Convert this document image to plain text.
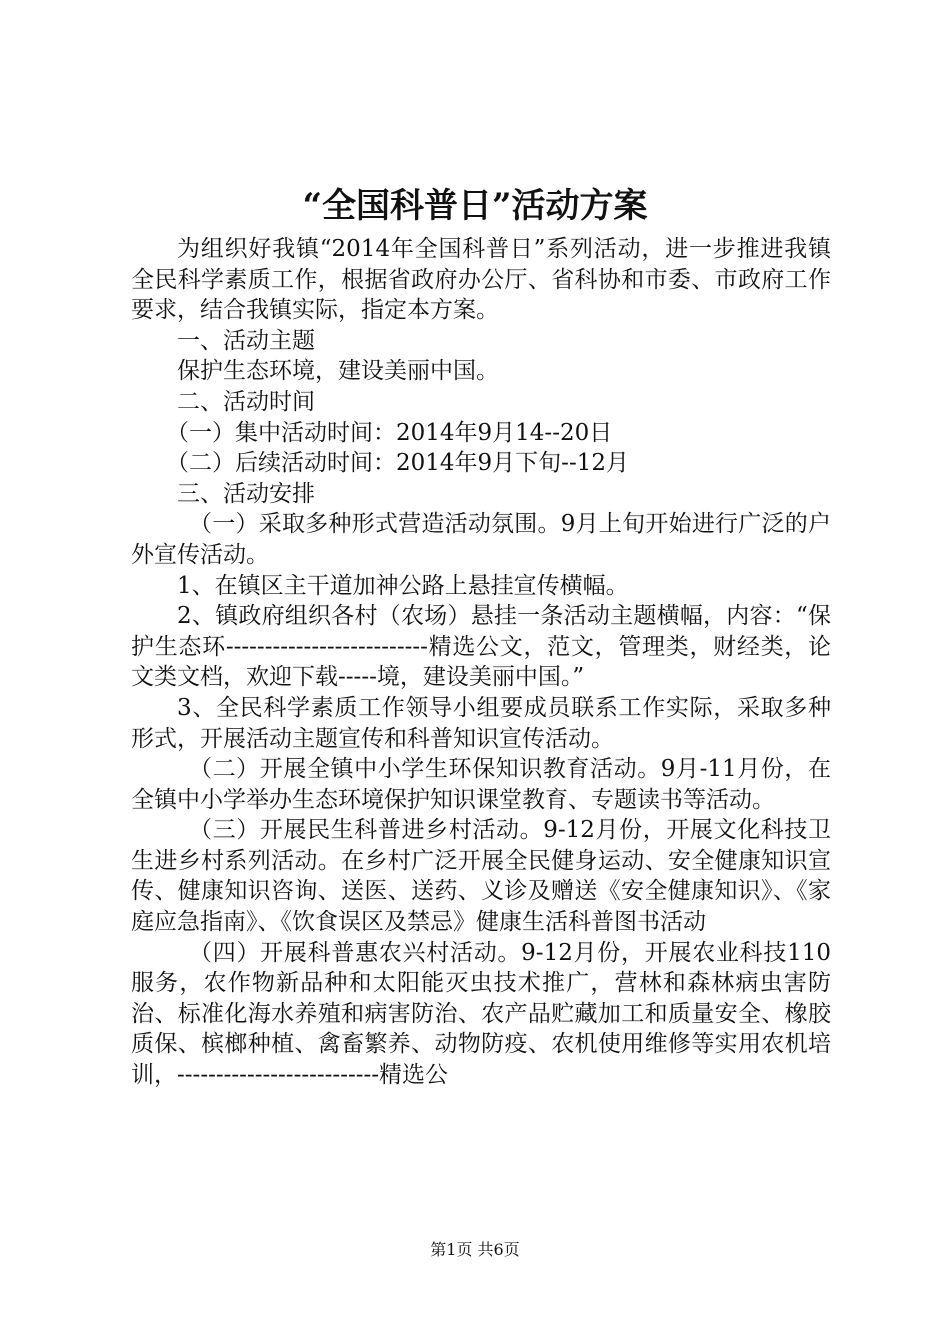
“全国科普日”活动方案

为组织好我镇“2014年全国科普日”系列活动，进一步推进我镇全民科学素质工作，根据省政府办公厅、省科协和市委、市政府工作要求，结合我镇实际，指定本方案。

一、活动主题

保护生态环境，建设美丽中国。

二、活动时间

（一）集中活动时间：2014年9月14--20日

（二）后续活动时间：2014年9月下旬--12月

三、活动安排

（一）采取多种形式营造活动氛围。9月上旬开始进行广泛的户外宣传活动。

1、在镇区主干道加神公路上悬挂宣传横幅。

2、镇政府组织各村（农场）悬挂一条活动主题横幅，内容：“保护生态环--------------------------精选公文，范文，管理类，财经类，论文类文档，欢迎下载-----境，建设美丽中国。”

3、全民科学素质工作领导小组要成员联系工作实际，采取多种形式，开展活动主题宣传和科普知识宣传活动。

（二）开展全镇中小学生环保知识教育活动。9月-11月份，在全镇中小学举办生态环境保护知识课堂教育、专题读书等活动。

（三）开展民生科普进乡村活动。9-12月份，开展文化科技卫生进乡村系列活动。在乡村广泛开展全民健身运动、安全健康知识宣传、健康知识咨询、送医、送药、义诊及赠送《安全健康知识》、《家庭应急指南》、《饮食误区及禁忌》健康生活科普图书活动

（四）开展科普惠农兴村活动。9-12月份，开展农业科技110服务，农作物新品种和太阳能灭虫技术推广，营林和森林病虫害防治、标准化海水养殖和病害防治、农产品贮藏加工和质量安全、橡胶质保、槟榔种植、禽畜繁养、动物防疫、农机使用维修等实用农机培训，--------------------------精选公

第1页 共6页
